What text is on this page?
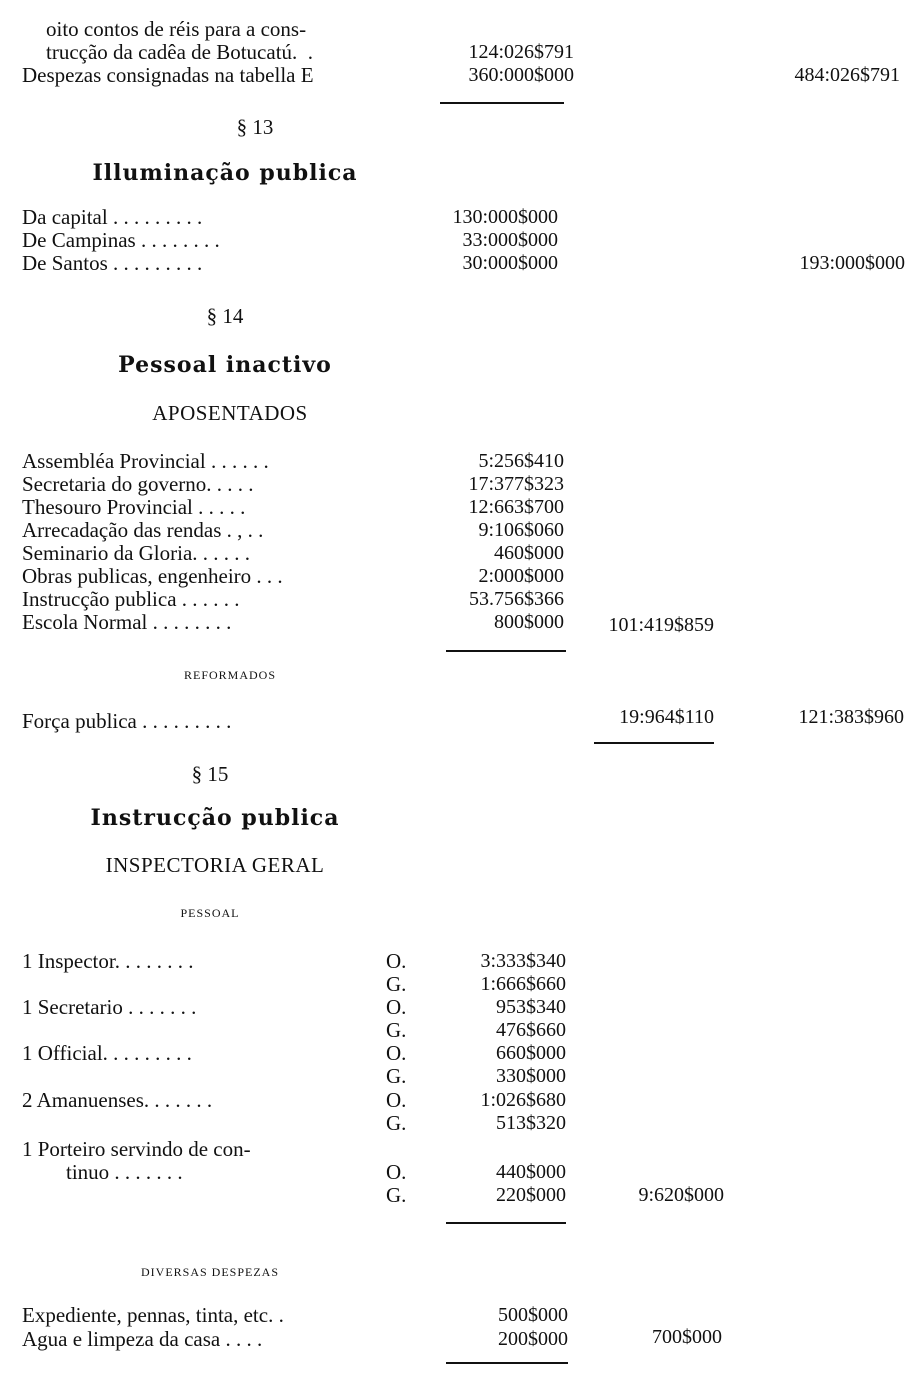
oito contos de réis para a cons-
trucção da cadêa de Botucatú.  .	124:026$791
Despezas consignadas na tabella E	360:000$000	484:026$791
§ 13
Illuminação publica
Da capital . . . . . . . . .	130:000$000
De Campinas . . . . . . . .	33:000$000
De Santos . . . . . . . . .	30:000$000	193:000$000
§ 14
Pessoal inactivo
APOSENTADOS
Assembléa Provincial . . . . . .	5:256$410
Secretaria do governo. . . . .	17:377$323
Thesouro Provincial . . . . .	12:663$700
Arrecadação das rendas . , . .	9:106$060
Seminario da Gloria. . . . . .	460$000
Obras publicas, engenheiro . . .	2:000$000
Instrucção publica . . . . . .	53.756$366
Escola Normal . . . . . . . .	800$000	101:419$859
REFORMADOS
Força publica . . . . . . . . .	19:964$110	121:383$960
§ 15
Instrucção publica
INSPECTORIA GERAL
PESSOAL
1 Inspector. . . . . . . .	O.	3:333$340
G.	1:666$660
1 Secretario . . . . . . .	O.	953$340
G.	476$660
1 Official. . . . . . . . .	O.	660$000
G.	330$000
2 Amanuenses. . . . . . .	O.	1:026$680
G.	513$320
1 Porteiro servindo de con-
tinuo . . . . . . .	O.	440$000
G.	220$000	9:620$000
DIVERSAS DESPEZAS
Expediente, pennas, tinta, etc. .	500$000
Agua e limpeza da casa . . . .	200$000	700$000
